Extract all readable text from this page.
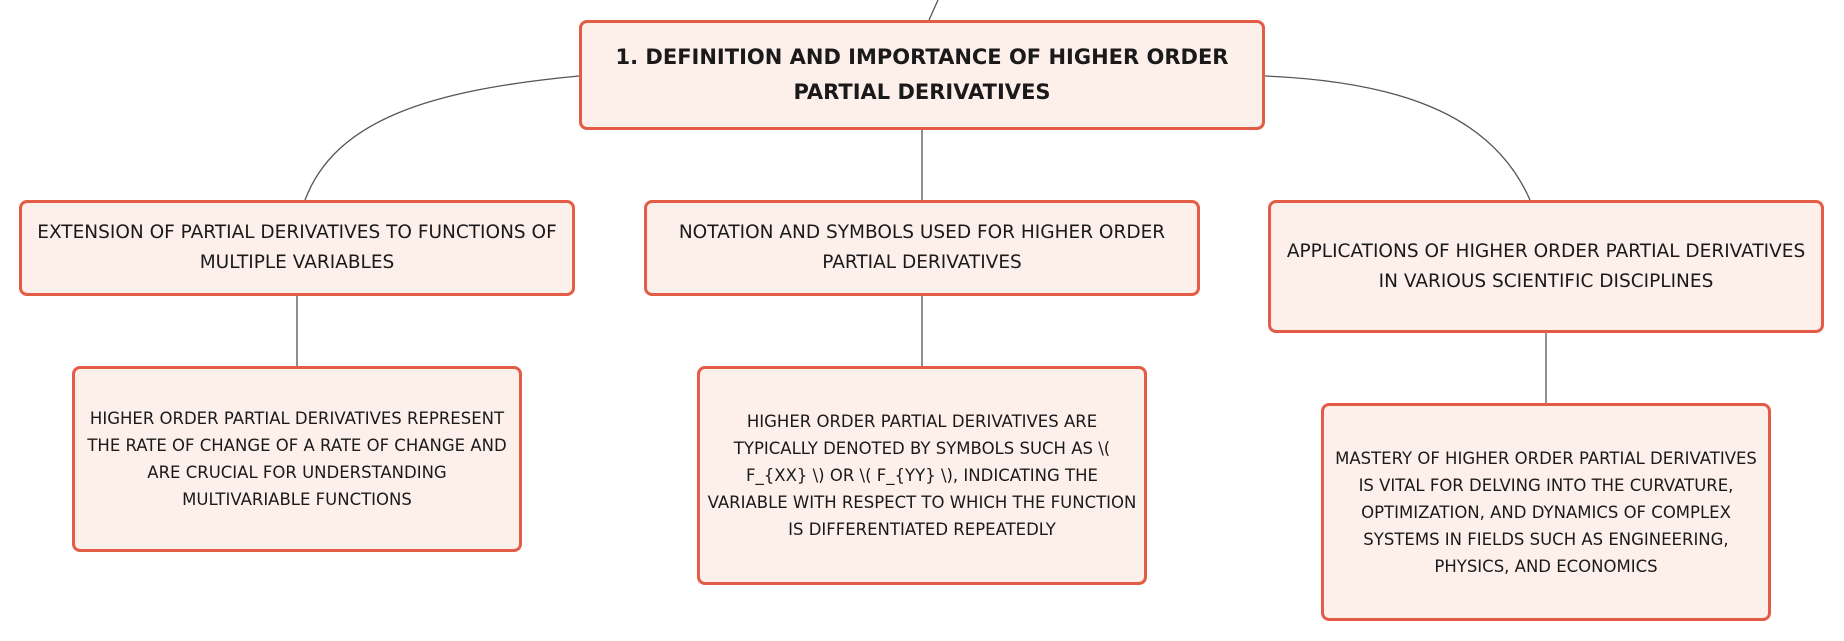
1. DEFINITION AND IMPORTANCE OF HIGHER ORDER PARTIAL DERIVATIVES
EXTENSION OF PARTIAL DERIVATIVES TO FUNCTIONS OF MULTIPLE VARIABLES
NOTATION AND SYMBOLS USED FOR HIGHER ORDER PARTIAL DERIVATIVES
APPLICATIONS OF HIGHER ORDER PARTIAL DERIVATIVES IN VARIOUS SCIENTIFIC DISCIPLINES
HIGHER ORDER PARTIAL DERIVATIVES REPRESENT THE RATE OF CHANGE OF A RATE OF CHANGE AND ARE CRUCIAL FOR UNDERSTANDING MULTIVARIABLE FUNCTIONS
HIGHER ORDER PARTIAL DERIVATIVES ARE TYPICALLY DENOTED BY SYMBOLS SUCH AS \( F_{XX} \) OR \( F_{YY} \), INDICATING THE VARIABLE WITH RESPECT TO WHICH THE FUNCTION IS DIFFERENTIATED REPEATEDLY
MASTERY OF HIGHER ORDER PARTIAL DERIVATIVES IS VITAL FOR DELVING INTO THE CURVATURE, OPTIMIZATION, AND DYNAMICS OF COMPLEX SYSTEMS IN FIELDS SUCH AS ENGINEERING, PHYSICS, AND ECONOMICS
